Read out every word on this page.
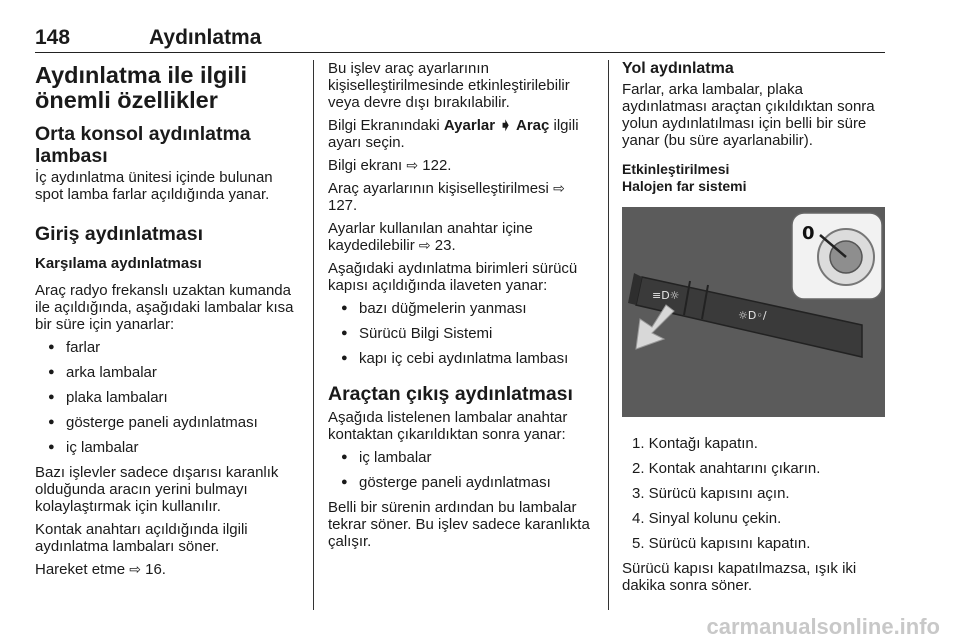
148	Aydınlatma
Aydınlatma ile ilgili önemli özellikler
Orta konsol aydınlatma lambası

İç aydınlatma ünitesi içinde bulunan spot lamba farlar açıldığında yanar.

Giriş aydınlatması
Karşılama aydınlatması

Araç radyo frekanslı uzaktan kumanda ile açıldığında, aşağıdaki lambalar kısa bir süre için yanarlar:

● farlar
● arka lambalar
● plaka lambaları
● gösterge paneli aydınlatması
● iç lambalar

Bazı işlevler sadece dışarısı karanlık olduğunda aracın yerini bulmayı kolaylaştırmak için kullanılır.

Kontak anahtarı açıldığında ilgili aydınlatma lambaları söner.

Hareket etme ⇨ 16.

Bu işlev araç ayarlarının kişiselleştirilmesinde etkinleştirilebilir veya devre dışı bırakılabilir.

Bilgi Ekranındaki Ayarlar ➧ Araç ilgili ayarı seçin.

Bilgi ekranı ⇨ 122.

Araç ayarlarının kişiselleştirilmesi ⇨ 127.

Ayarlar kullanılan anahtar içine kaydedilebilir ⇨ 23.

Aşağıdaki aydınlatma birimleri sürücü kapısı açıldığında ilaveten yanar:

● bazı düğmelerin yanması
● Sürücü Bilgi Sistemi
● kapı iç cebi aydınlatma lambası
Araçtan çıkış aydınlatması

Aşağıda listelenen lambalar anahtar kontaktan çıkarıldıktan sonra yanar:

● iç lambalar
● gösterge paneli aydınlatması

Belli bir sürenin ardından bu lambalar tekrar söner. Bu işlev sadece karanlıkta çalışır.

Yol aydınlatma

Farlar, arka lambalar, plaka aydınlatması araçtan çıkıldıktan sonra yolun aydınlatılması için belli bir süre yanar (bu süre ayarlanabilir).

Etkinleştirilmesi
Halojen far sistemi
≡D☼
☼D◦/
0
1. Kontağı kapatın.
2. Kontak anahtarını çıkarın.
3. Sürücü kapısını açın.
4. Sinyal kolunu çekin.
5. Sürücü kapısını kapatın.

Sürücü kapısı kapatılmazsa, ışık iki dakika sonra söner.

carmanualsonline.info
